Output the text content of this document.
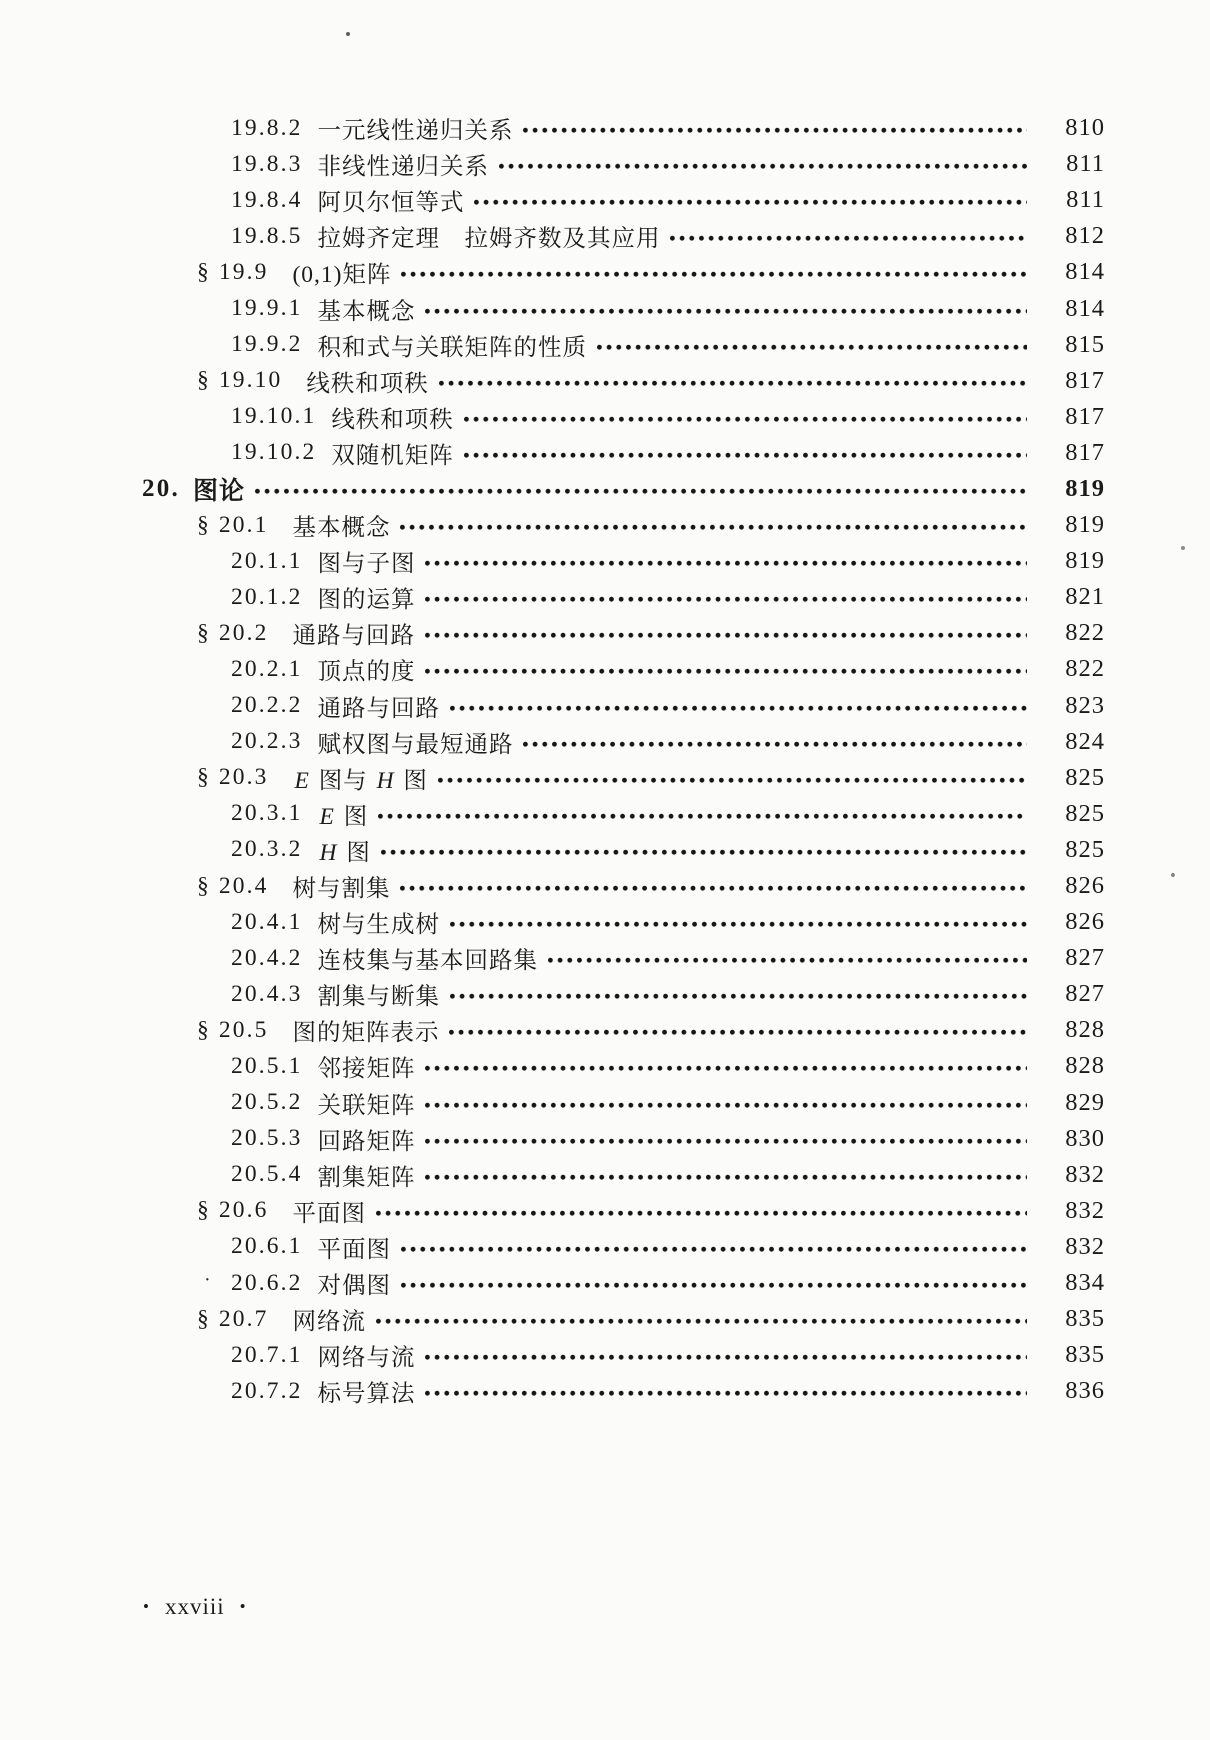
19.8.2 一元线性递归关系	810
19.8.3 非线性递归关系	811
19.8.4 阿贝尔恒等式	811
19.8.5 拉姆齐定理　拉姆齐数及其应用	812
§ 19.9 (0,1)矩阵	814
19.9.1 基本概念	814
19.9.2 积和式与关联矩阵的性质	815
§ 19.10 线秩和项秩	817
19.10.1 线秩和项秩	817
19.10.2 双随机矩阵	817
20. 图论	819
§ 20.1 基本概念	819
20.1.1 图与子图	819
20.1.2 图的运算	821
§ 20.2 通路与回路	822
20.2.1 顶点的度	822
20.2.2 通路与回路	823
20.2.3 赋权图与最短通路	824
§ 20.3 E 图与 H 图	825
20.3.1 E 图	825
20.3.2 H 图	825
§ 20.4 树与割集	826
20.4.1 树与生成树	826
20.4.2 连枝集与基本回路集	827
20.4.3 割集与断集	827
§ 20.5 图的矩阵表示	828
20.5.1 邻接矩阵	828
20.5.2 关联矩阵	829
20.5.3 回路矩阵	830
20.5.4 割集矩阵	832
§ 20.6 平面图	832
20.6.1 平面图	832
· 20.6.2 对偶图	834
§ 20.7 网络流	835
20.7.1 网络与流	835
20.7.2 标号算法	836
• xxviii •
